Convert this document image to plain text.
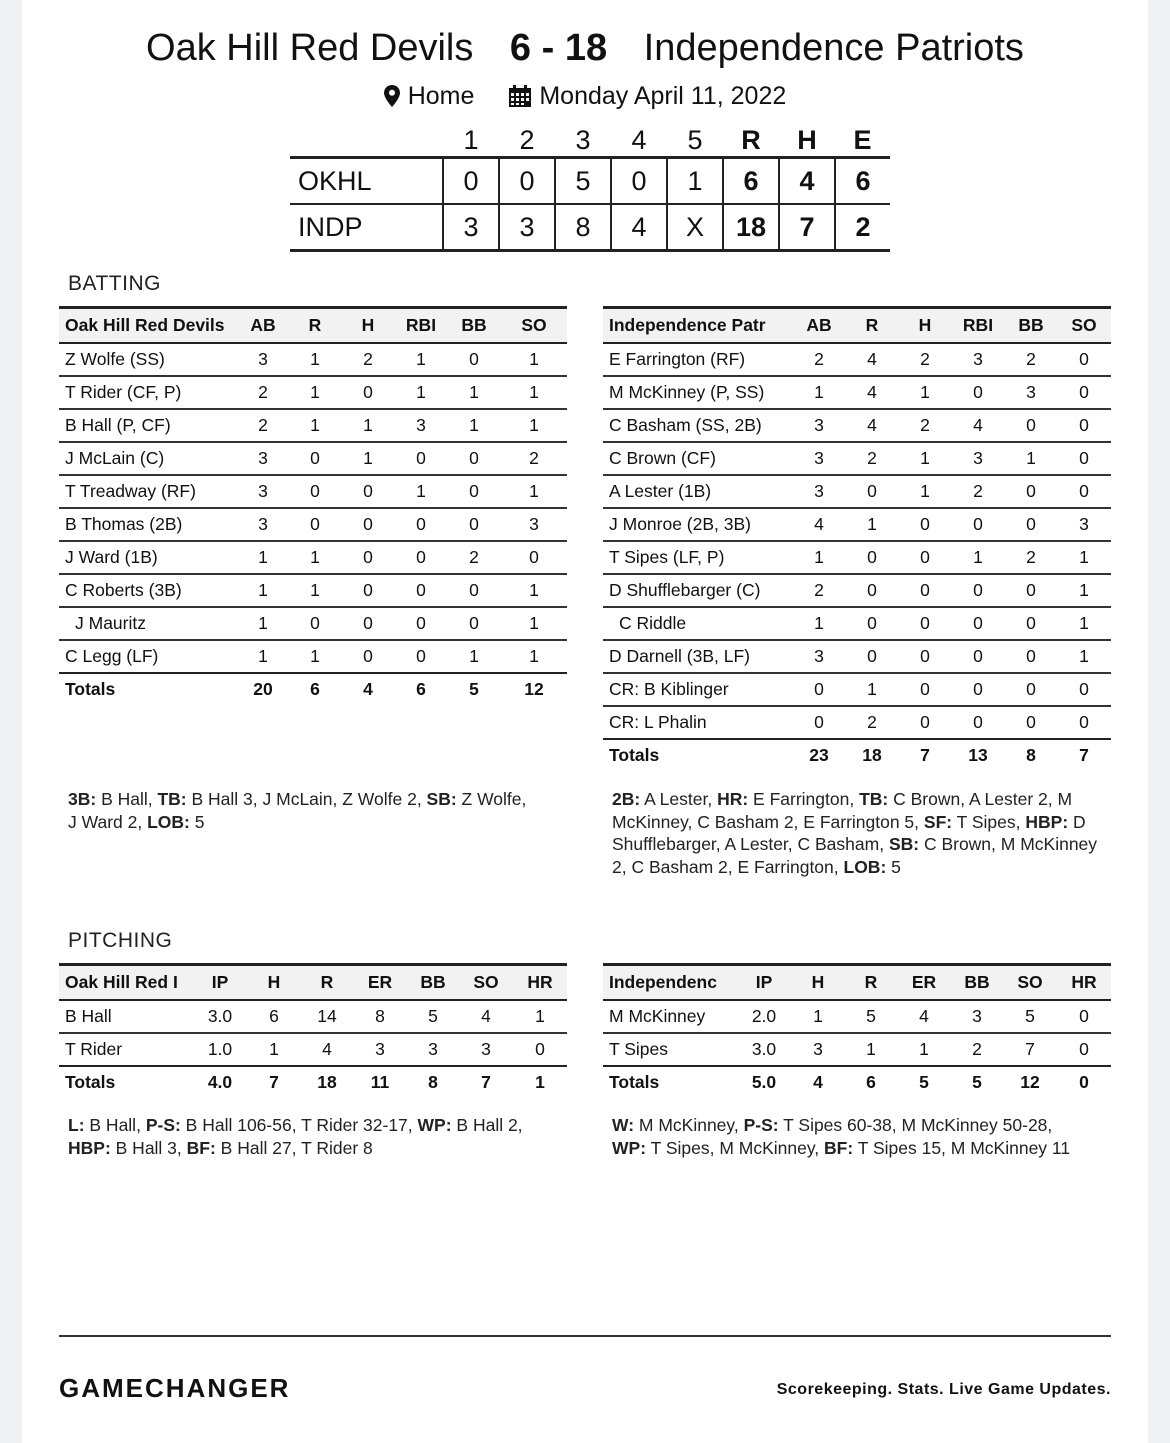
Oak Hill Red Devils 6 - 18 Independence Patriots
Home
	Monday April 11, 2022
	1	2	3	4	5	R	H	E
OKHL	0	0	5	0	1	6	4	6
INDP	3	3	8	4	X	18	7	2
BATTING
Oak Hill Red Devils	AB	R	H	RBI	BB	SO
Z Wolfe (SS)	3	1	2	1	0	1
T Rider (CF, P)	2	1	0	1	1	1
B Hall (P, CF)	2	1	1	3	1	1
J McLain (C)	3	0	1	0	0	2
T Treadway (RF)	3	0	0	1	0	1
B Thomas (2B)	3	0	0	0	0	3
J Ward (1B)	1	1	0	0	2	0
C Roberts (3B)	1	1	0	0	0	1
J Mauritz	1	0	0	0	0	1
C Legg (LF)	1	1	0	0	1	1
Totals	20	6	4	6	5	12
Independence Patr	AB	R	H	RBI	BB	SO
E Farrington (RF)	2	4	2	3	2	0
M McKinney (P, SS)	1	4	1	0	3	0
C Basham (SS, 2B)	3	4	2	4	0	0
C Brown (CF)	3	2	1	3	1	0
A Lester (1B)	3	0	1	2	0	0
J Monroe (2B, 3B)	4	1	0	0	0	3
T Sipes (LF, P)	1	0	0	1	2	1
D Shufflebarger (C)	2	0	0	0	0	1
C Riddle	1	0	0	0	0	1
D Darnell (3B, LF)	3	0	0	0	0	1
CR: B Kiblinger	0	1	0	0	0	0
CR: L Phalin	0	2	0	0	0	0
Totals	23	18	7	13	8	7
3B: B Hall, TB: B Hall 3, J McLain, Z Wolfe 2, SB: Z Wolfe, J Ward 2, LOB: 5
2B: A Lester, HR: E Farrington, TB: C Brown, A Lester 2, M McKinney, C Basham 2, E Farrington 5, SF: T Sipes, HBP: D Shufflebarger, A Lester, C Basham, SB: C Brown, M McKinney 2, C Basham 2, E Farrington, LOB: 5
PITCHING
Oak Hill Red I	IP	H	R	ER	BB	SO	HR
B Hall	3.0	6	14	8	5	4	1
T Rider	1.0	1	4	3	3	3	0
Totals	4.0	7	18	11	8	7	1
Independenc	IP	H	R	ER	BB	SO	HR
M McKinney	2.0	1	5	4	3	5	0
T Sipes	3.0	3	1	1	2	7	0
Totals	5.0	4	6	5	5	12	0
L: B Hall, P-S: B Hall 106-56, T Rider 32-17, WP: B Hall 2, HBP: B Hall 3, BF: B Hall 27, T Rider 8
W: M McKinney, P-S: T Sipes 60-38, M McKinney 50-28, WP: T Sipes, M McKinney, BF: T Sipes 15, M McKinney 11
GAMECHANGER	Scorekeeping. Stats. Live Game Updates.
